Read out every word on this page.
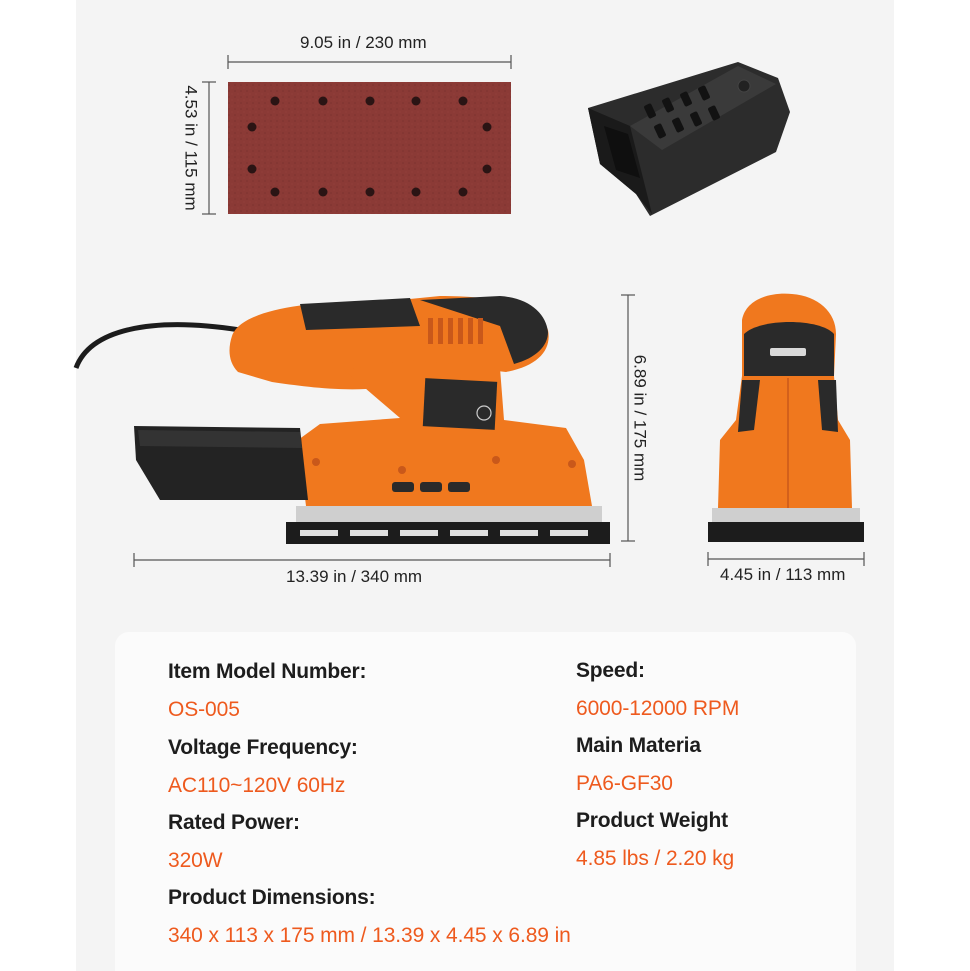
9.05 in / 230 mm
4.53 in / 115 mm
6.89 in / 175 mm
13.39 in / 340 mm	4.45 in / 113 mm
Item Model Number:
OS-005
Speed:
6000-12000 RPM
Voltage Frequency:
AC110~120V 60Hz
Main Materia
PA6-GF30
Rated Power:
320W
Product Weight
4.85 lbs / 2.20 kg
Product Dimensions:
340 x 113 x 175 mm / 13.39 x 4.45 x 6.89 in
